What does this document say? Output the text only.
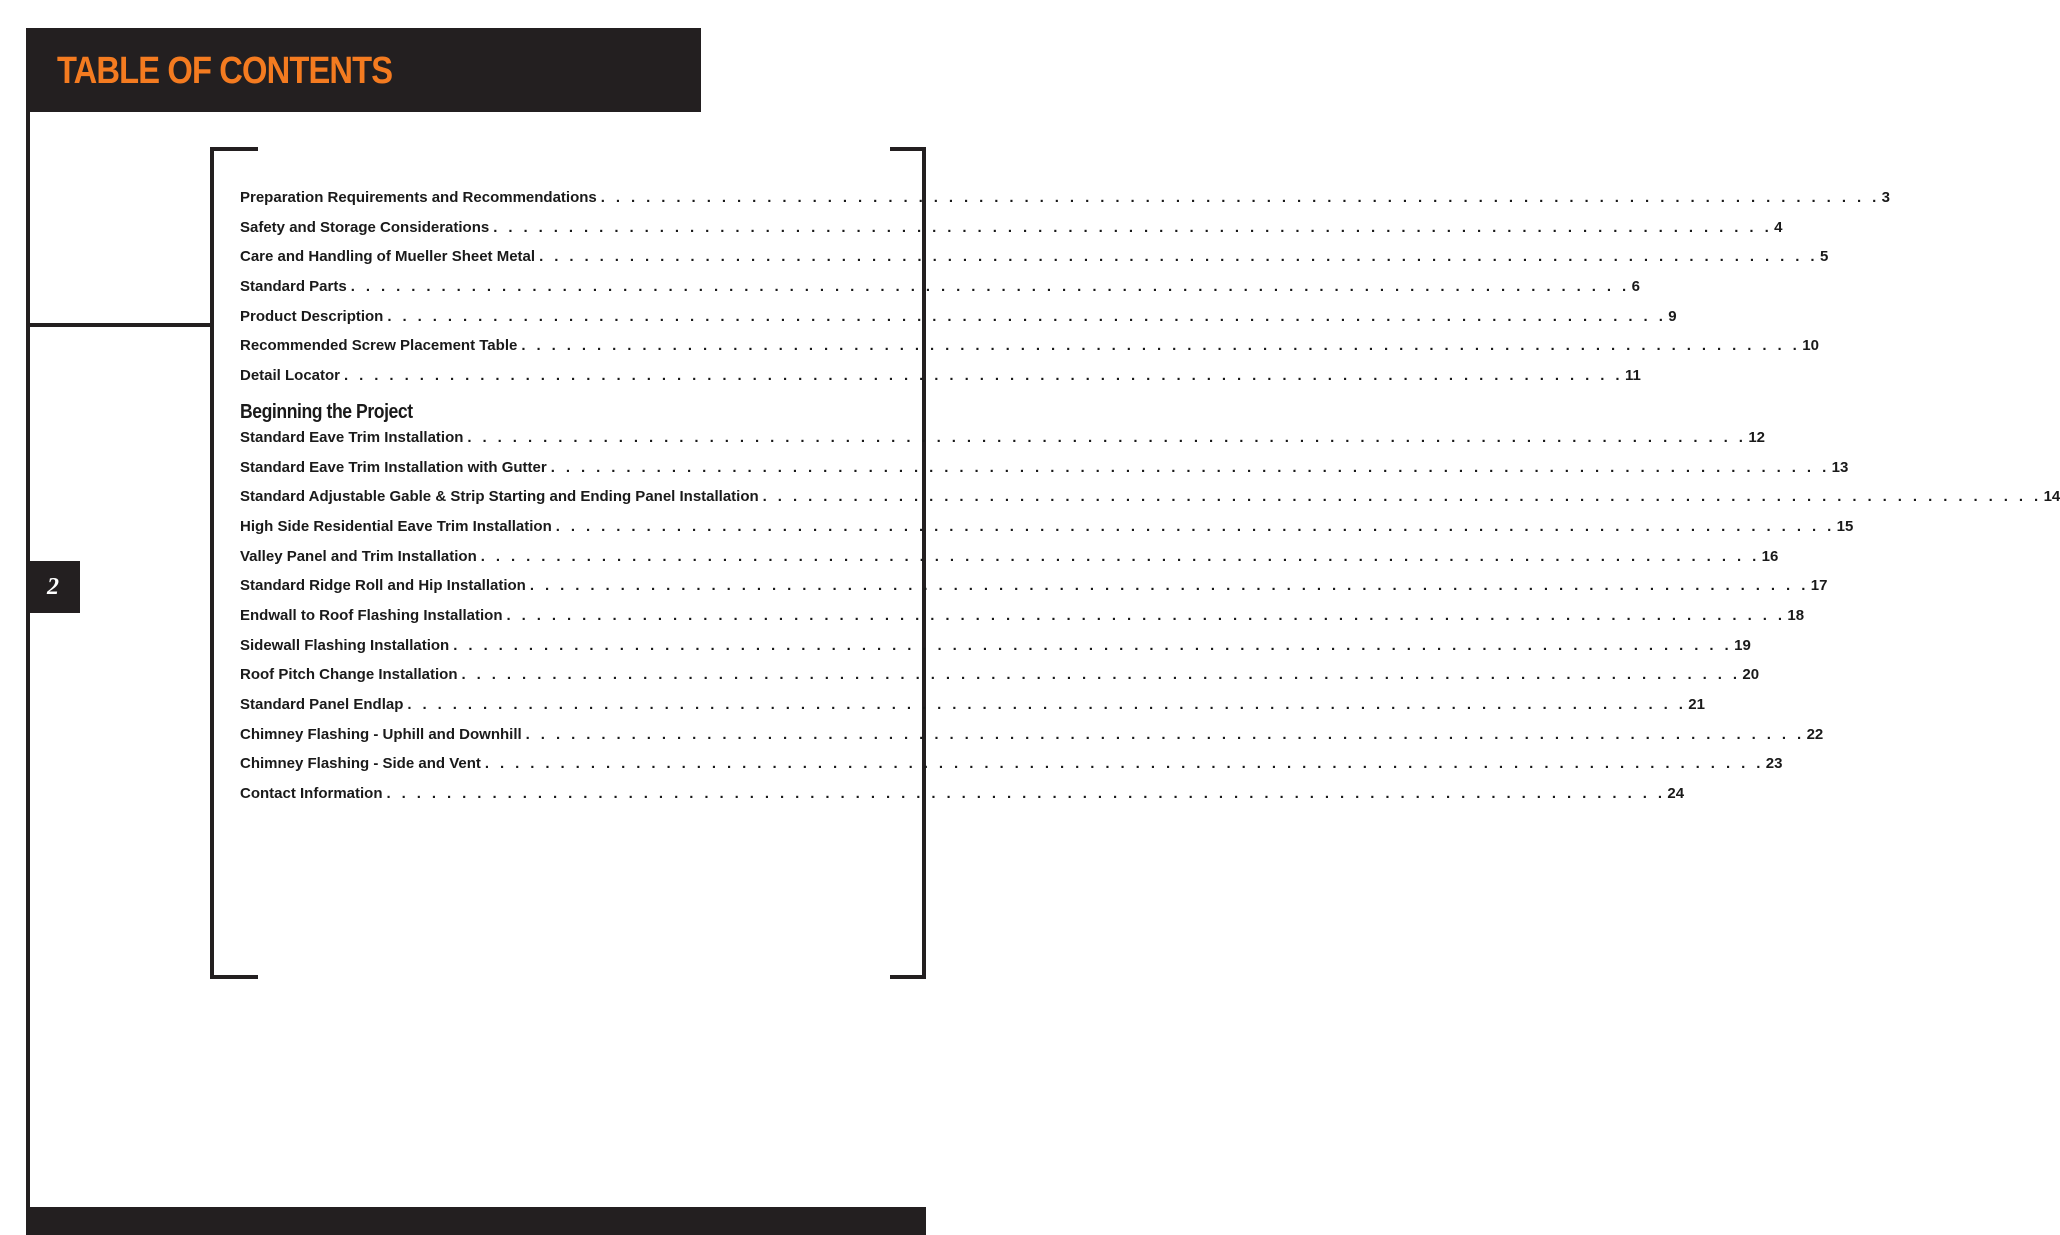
TABLE OF CONTENTS
2
Preparation Requirements and Recommendations . . . . . . . . . . . . . . . . . . . . . . . . . . . . . . . . . . . . . . . . . . . . . . . . . . . . . . . . . . . . . . . . . . . . . . . . . . . . . . . . . . . . . 3
Safety and Storage Considerations . . . . . . . . . . . . . . . . . . . . . . . . . . . . . . . . . . . . . . . . . . . . . . . . . . . . . . . . . . . . . . . . . . . . . . . . . . . . . . . . . . . . . 4
Care and Handling of Mueller Sheet Metal . . . . . . . . . . . . . . . . . . . . . . . . . . . . . . . . . . . . . . . . . . . . . . . . . . . . . . . . . . . . . . . . . . . . . . . . . . . . . . . . . . . . . 5
Standard Parts . . . . . . . . . . . . . . . . . . . . . . . . . . . . . . . . . . . . . . . . . . . . . . . . . . . . . . . . . . . . . . . . . . . . . . . . . . . . . . . . . . . . . 6
Product Description . . . . . . . . . . . . . . . . . . . . . . . . . . . . . . . . . . . . . . . . . . . . . . . . . . . . . . . . . . . . . . . . . . . . . . . . . . . . . . . . . . . . . 9
Recommended Screw Placement Table . . . . . . . . . . . . . . . . . . . . . . . . . . . . . . . . . . . . . . . . . . . . . . . . . . . . . . . . . . . . . . . . . . . . . . . . . . . . . . . . . . . . . 10
Detail Locator . . . . . . . . . . . . . . . . . . . . . . . . . . . . . . . . . . . . . . . . . . . . . . . . . . . . . . . . . . . . . . . . . . . . . . . . . . . . . . . . . . . . . 11
Beginning the Project
Standard Eave Trim Installation . . . . . . . . . . . . . . . . . . . . . . . . . . . . . . . . . . . . . . . . . . . . . . . . . . . . . . . . . . . . . . . . . . . . . . . . . . . . . . . . . . . . . 12
Standard Eave Trim Installation with Gutter . . . . . . . . . . . . . . . . . . . . . . . . . . . . . . . . . . . . . . . . . . . . . . . . . . . . . . . . . . . . . . . . . . . . . . . . . . . . . . . . . . . . . 13
Standard Adjustable Gable & Strip Starting and Ending Panel Installation . . . . . . . . . . . . . . . . . . . . . . . . . . . . . . . . . . . . . . . . . . . . . . . . . . . . . . . . . . . . . . . . . . . . . . . . . . . . . . . . . . . . . 14
High Side Residential Eave Trim Installation . . . . . . . . . . . . . . . . . . . . . . . . . . . . . . . . . . . . . . . . . . . . . . . . . . . . . . . . . . . . . . . . . . . . . . . . . . . . . . . . . . . . . 15
Valley Panel and Trim Installation . . . . . . . . . . . . . . . . . . . . . . . . . . . . . . . . . . . . . . . . . . . . . . . . . . . . . . . . . . . . . . . . . . . . . . . . . . . . . . . . . . . . . 16
Standard Ridge Roll and Hip Installation . . . . . . . . . . . . . . . . . . . . . . . . . . . . . . . . . . . . . . . . . . . . . . . . . . . . . . . . . . . . . . . . . . . . . . . . . . . . . . . . . . . . . 17
Endwall to Roof Flashing Installation . . . . . . . . . . . . . . . . . . . . . . . . . . . . . . . . . . . . . . . . . . . . . . . . . . . . . . . . . . . . . . . . . . . . . . . . . . . . . . . . . . . . . 18
Sidewall Flashing Installation . . . . . . . . . . . . . . . . . . . . . . . . . . . . . . . . . . . . . . . . . . . . . . . . . . . . . . . . . . . . . . . . . . . . . . . . . . . . . . . . . . . . . 19
Roof Pitch Change Installation . . . . . . . . . . . . . . . . . . . . . . . . . . . . . . . . . . . . . . . . . . . . . . . . . . . . . . . . . . . . . . . . . . . . . . . . . . . . . . . . . . . . . 20
Standard Panel Endlap . . . . . . . . . . . . . . . . . . . . . . . . . . . . . . . . . . . . . . . . . . . . . . . . . . . . . . . . . . . . . . . . . . . . . . . . . . . . . . . . . . . . . 21
Chimney Flashing - Uphill and Downhill . . . . . . . . . . . . . . . . . . . . . . . . . . . . . . . . . . . . . . . . . . . . . . . . . . . . . . . . . . . . . . . . . . . . . . . . . . . . . . . . . . . . . 22
Chimney Flashing - Side and Vent . . . . . . . . . . . . . . . . . . . . . . . . . . . . . . . . . . . . . . . . . . . . . . . . . . . . . . . . . . . . . . . . . . . . . . . . . . . . . . . . . . . . . 23
Contact Information . . . . . . . . . . . . . . . . . . . . . . . . . . . . . . . . . . . . . . . . . . . . . . . . . . . . . . . . . . . . . . . . . . . . . . . . . . . . . . . . . . . . . 24
